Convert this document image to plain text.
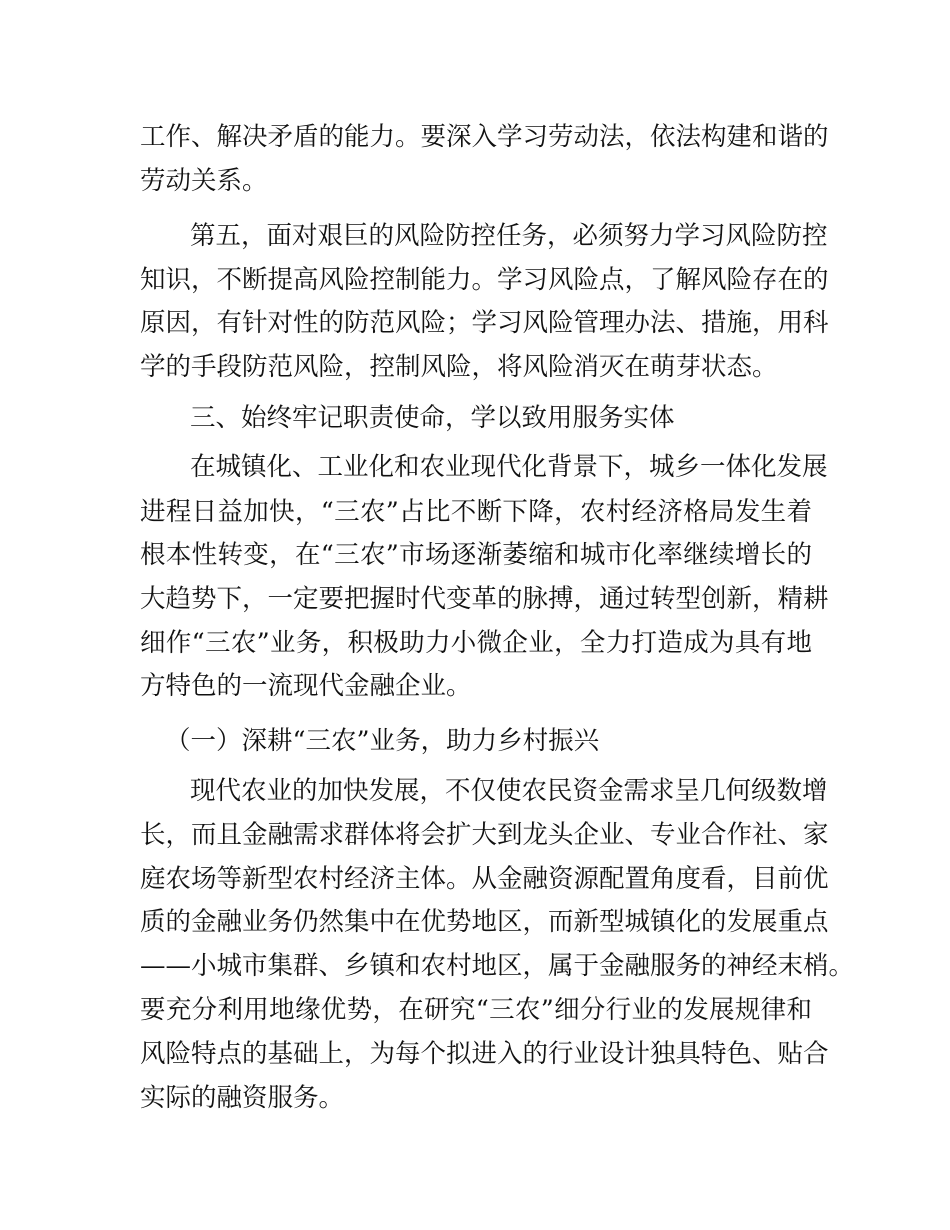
工作、解决矛盾的能力。要深入学习劳动法，依法构建和谐的
劳动关系。
第五，面对艰巨的风险防控任务，必须努力学习风险防控
知识，不断提高风险控制能力。学习风险点，了解风险存在的
原因，有针对性的防范风险；学习风险管理办法、措施，用科
学的手段防范风险，控制风险，将风险消灭在萌芽状态。
三、始终牢记职责使命，学以致用服务实体
在城镇化、工业化和农业现代化背景下，城乡一体化发展
进程日益加快，“三农”占比不断下降，农村经济格局发生着
根本性转变，在“三农”市场逐渐萎缩和城市化率继续增长的
大趋势下，一定要把握时代变革的脉搏，通过转型创新，精耕
细作“三农”业务，积极助力小微企业，全力打造成为具有地
方特色的一流现代金融企业。
（一）深耕“三农”业务，助力乡村振兴
现代农业的加快发展，不仅使农民资金需求呈几何级数增
长，而且金融需求群体将会扩大到龙头企业、专业合作社、家
庭农场等新型农村经济主体。从金融资源配置角度看，目前优
质的金融业务仍然集中在优势地区，而新型城镇化的发展重点
——小城市集群、乡镇和农村地区，属于金融服务的神经末梢。
要充分利用地缘优势，在研究“三农”细分行业的发展规律和
风险特点的基础上，为每个拟进入的行业设计独具特色、贴合
实际的融资服务。
